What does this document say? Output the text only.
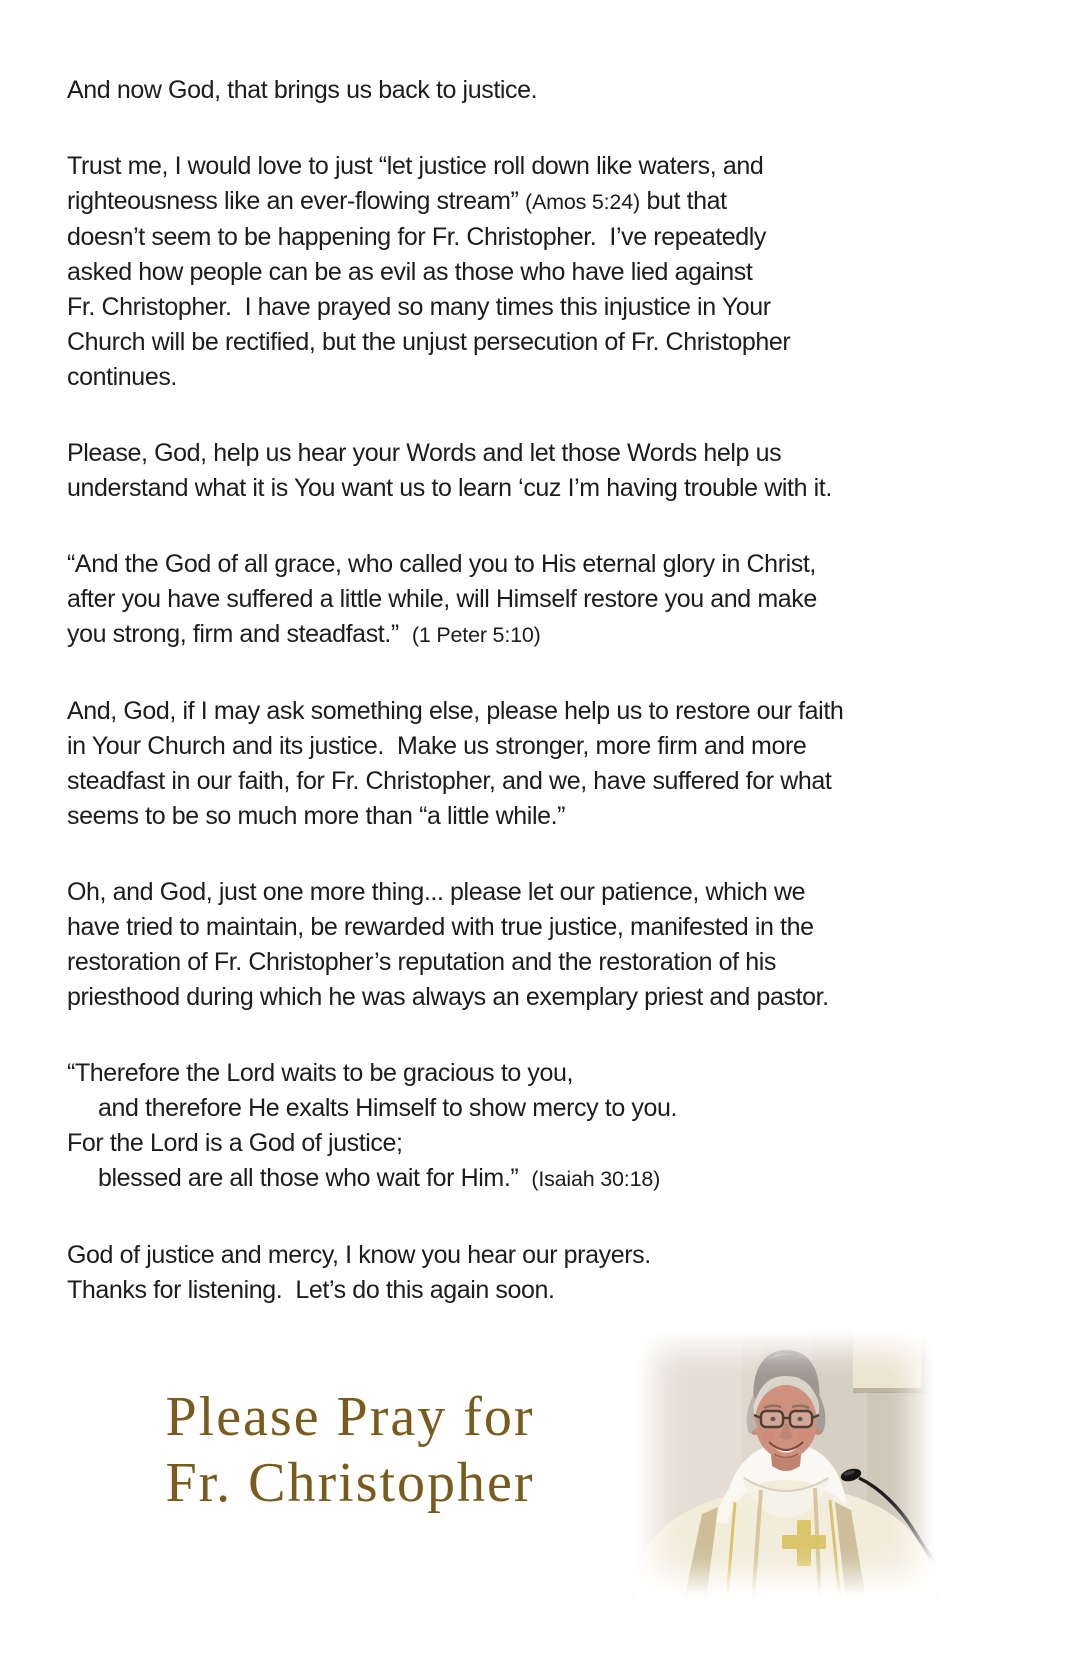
And now God, that brings us back to justice.
Trust me, I would love to just “let justice roll down like waters, and
righteousness like an ever-flowing stream” (Amos 5:24) but that
doesn’t seem to be happening for Fr. Christopher.  I’ve repeatedly
asked how people can be as evil as those who have lied against
Fr. Christopher.  I have prayed so many times this injustice in Your
Church will be rectified, but the unjust persecution of Fr. Christopher
continues.
Please, God, help us hear your Words and let those Words help us
understand what it is You want us to learn ‘cuz I’m having trouble with it.
“And the God of all grace, who called you to His eternal glory in Christ,
after you have suffered a little while, will Himself restore you and make
you strong, firm and steadfast.”  (1 Peter 5:10)
And, God, if I may ask something else, please help us to restore our faith
in Your Church and its justice.  Make us stronger, more firm and more
steadfast in our faith, for Fr. Christopher, and we, have suffered for what
seems to be so much more than “a little while.”
Oh, and God, just one more thing... please let our patience, which we
have tried to maintain, be rewarded with true justice, manifested in the
restoration of Fr. Christopher’s reputation and the restoration of his
priesthood during which he was always an exemplary priest and pastor.
“Therefore the Lord waits to be gracious to you,
and therefore He exalts Himself to show mercy to you.
For the Lord is a God of justice;
blessed are all those who wait for Him.”  (Isaiah 30:18)
God of justice and mercy, I know you hear our prayers.
Thanks for listening.  Let’s do this again soon.
Please Pray for
Fr. Christopher
